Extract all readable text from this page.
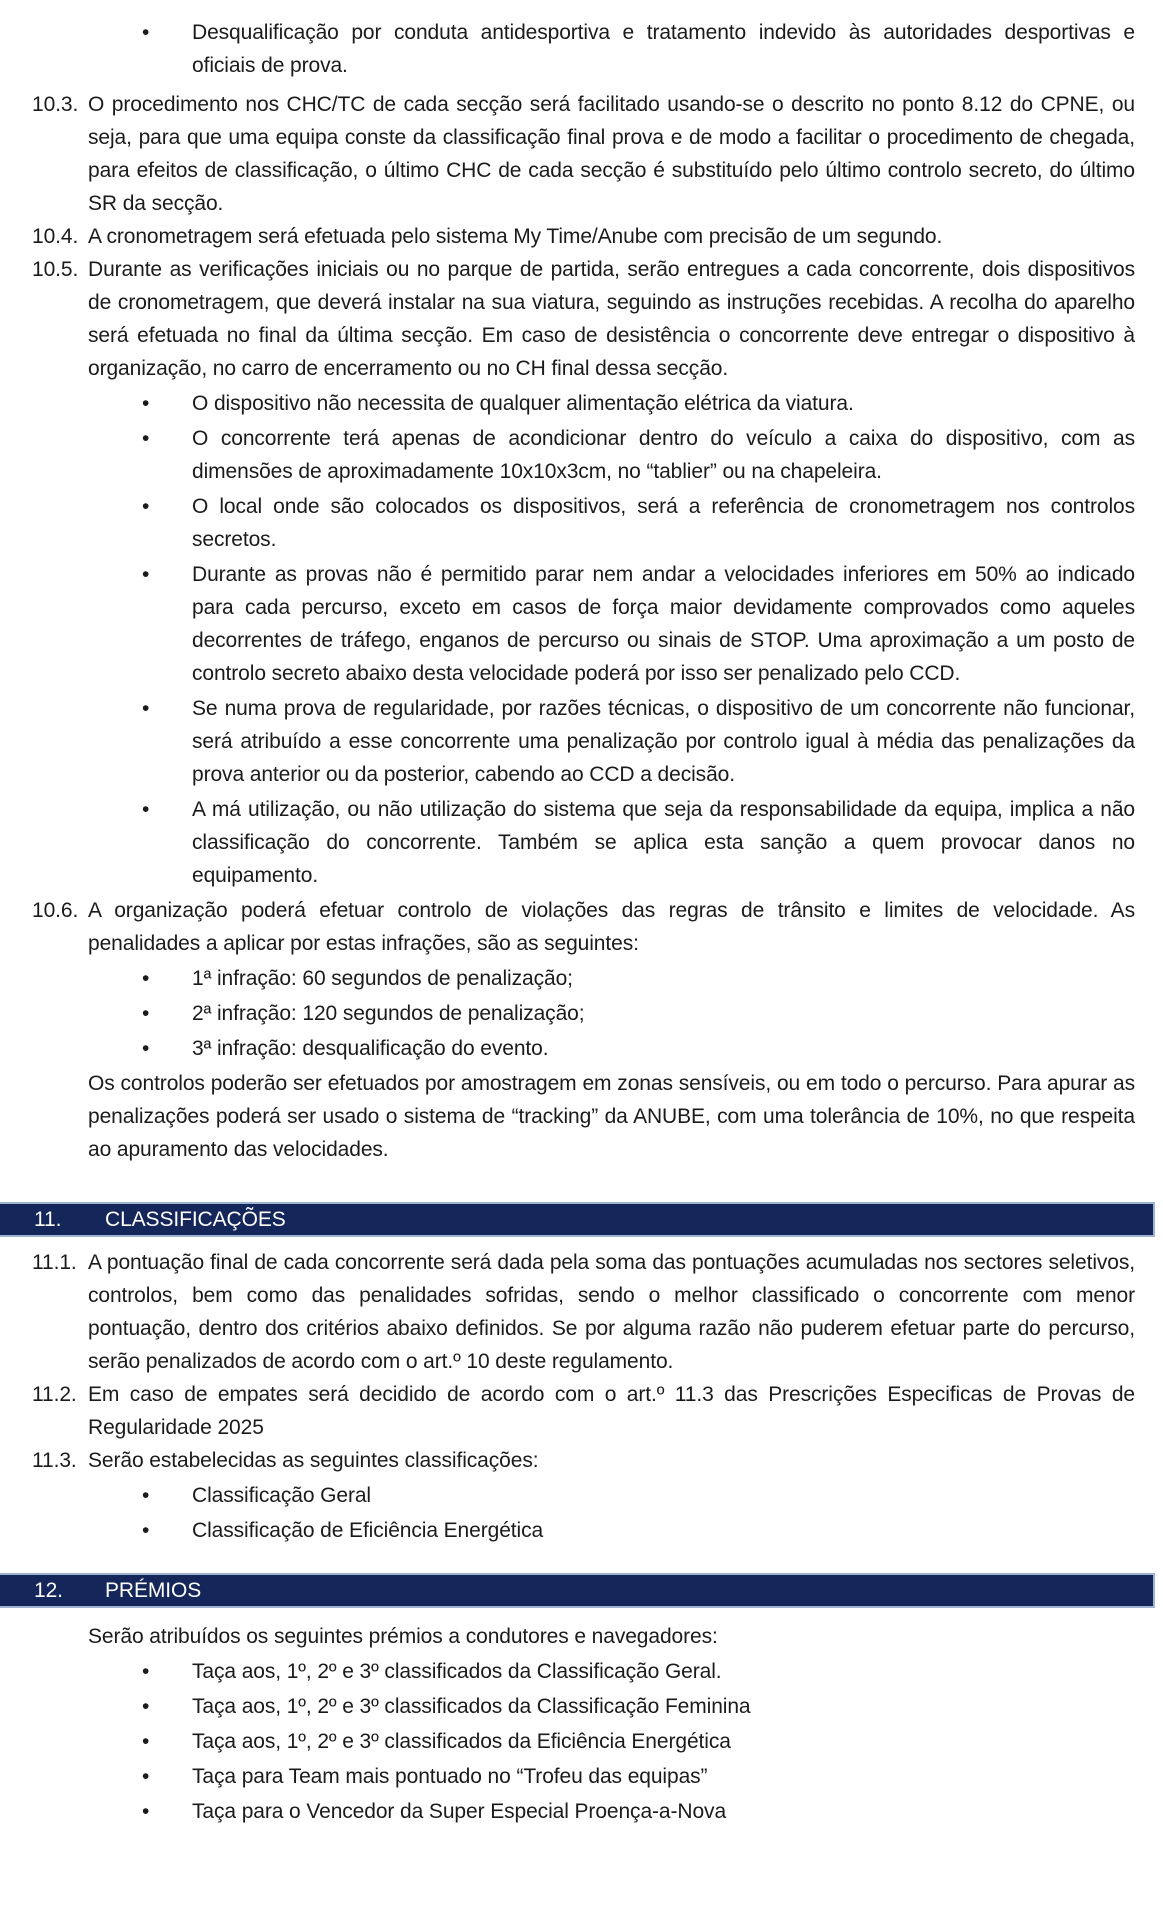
•
Desqualificação por conduta antidesportiva e tratamento indevido às autoridades desportivas e oficiais de prova.
10.3. O procedimento nos CHC/TC de cada secção será facilitado usando-se o descrito no ponto 8.12 do CPNE, ou seja, para que uma equipa conste da classificação final prova e de modo a facilitar o procedimento de chegada, para efeitos de classificação, o último CHC de cada secção é substituído pelo último controlo secreto, do último SR da secção.
10.4. A cronometragem será efetuada pelo sistema My Time/Anube com precisão de um segundo.
10.5. Durante as verificações iniciais ou no parque de partida, serão entregues a cada concorrente, dois dispositivos de cronometragem, que deverá instalar na sua viatura, seguindo as instruções recebidas. A recolha do aparelho será efetuada no final da última secção. Em caso de desistência o concorrente deve entregar o dispositivo à organização, no carro de encerramento ou no CH final dessa secção.
•
O dispositivo não necessita de qualquer alimentação elétrica da viatura.
•
O concorrente terá apenas de acondicionar dentro do veículo a caixa do dispositivo, com as dimensões de aproximadamente 10x10x3cm, no “tablier” ou na chapeleira.
•
O local onde são colocados os dispositivos, será a referência de cronometragem nos controlos secretos.
•
Durante as provas não é permitido parar nem andar a velocidades inferiores em 50% ao indicado para cada percurso, exceto em casos de força maior devidamente comprovados como aqueles decorrentes de tráfego, enganos de percurso ou sinais de STOP. Uma aproximação a um posto de controlo secreto abaixo desta velocidade poderá por isso ser penalizado pelo CCD.
•
Se numa prova de regularidade, por razões técnicas, o dispositivo de um concorrente não funcionar, será atribuído a esse concorrente uma penalização por controlo igual à média das penalizações da prova anterior ou da posterior, cabendo ao CCD a decisão.
•
A má utilização, ou não utilização do sistema que seja da responsabilidade da equipa, implica a não classificação do concorrente. Também se aplica esta sanção a quem provocar danos no equipamento.
10.6. A organização poderá efetuar controlo de violações das regras de trânsito e limites de velocidade. As penalidades a aplicar por estas infrações, são as seguintes:
•
1ª infração: 60 segundos de penalização;
•
2ª infração: 120 segundos de penalização;
•
3ª infração: desqualificação do evento.
Os controlos poderão ser efetuados por amostragem em zonas sensíveis, ou em todo o percurso. Para apurar as penalizações poderá ser usado o sistema de “tracking” da ANUBE, com uma tolerância de 10%, no que respeita ao apuramento das velocidades.
11.	CLASSIFICAÇÕES
11.1. A pontuação final de cada concorrente será dada pela soma das pontuações acumuladas nos sectores seletivos, controlos, bem como das penalidades sofridas, sendo o melhor classificado o concorrente com menor pontuação, dentro dos critérios abaixo definidos. Se por alguma razão não puderem efetuar parte do percurso, serão penalizados de acordo com o art.º 10 deste regulamento.
11.2. Em caso de empates será decidido de acordo com o art.º 11.3 das Prescrições Especificas de Provas de Regularidade 2025
11.3. Serão estabelecidas as seguintes classificações:
•
Classificação Geral
•
Classificação de Eficiência Energética
12.	PRÉMIOS
Serão atribuídos os seguintes prémios a condutores e navegadores:
•
Taça aos, 1º, 2º e 3º classificados da Classificação Geral.
•
Taça aos, 1º, 2º e 3º classificados da Classificação Feminina
•
Taça aos, 1º, 2º e 3º classificados da Eficiência Energética
•
Taça para Team mais pontuado no “Trofeu das equipas”
•
Taça para o Vencedor da Super Especial Proença-a-Nova
